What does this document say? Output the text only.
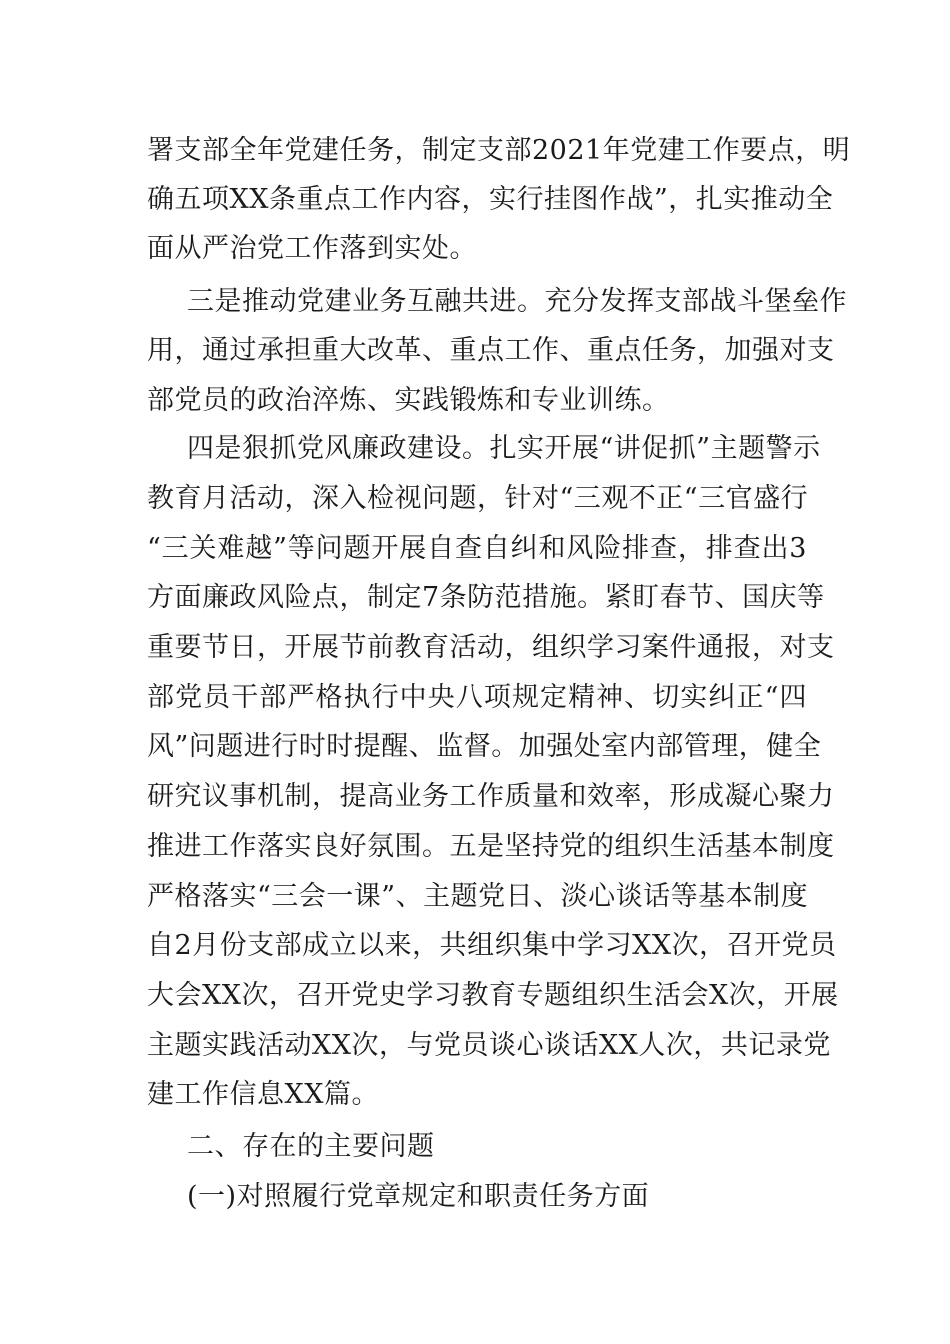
署支部全年党建任务，制定支部2021年党建工作要点，明
确五项XX条重点工作内容，实行挂图作战”，扎实推动全
面从严治党工作落到实处。
三是推动党建业务互融共进。充分发挥支部战斗堡垒作
用，通过承担重大改革、重点工作、重点任务，加强对支
部党员的政治淬炼、实践锻炼和专业训练。
四是狠抓党风廉政建设。扎实开展“讲促抓”主题警示
教育月活动，深入检视问题，针对“三观不正“三官盛行
“三关难越”等问题开展自查自纠和风险排查，排查出3
方面廉政风险点，制定7条防范措施。紧盯春节、国庆等
重要节日，开展节前教育活动，组织学习案件通报，对支
部党员干部严格执行中央八项规定精神、切实纠正“四
风”问题进行时时提醒、监督。加强处室内部管理，健全
研究议事机制，提高业务工作质量和效率，形成凝心聚力
推进工作落实良好氛围。五是坚持党的组织生活基本制度
严格落实“三会一课”、主题党日、淡心谈话等基本制度
自2月份支部成立以来，共组织集中学习XX次，召开党员
大会XX次，召开党史学习教育专题组织生活会X次，开展
主题实践活动XX次，与党员谈心谈话XX人次，共记录党
建工作信息XX篇。
二、存在的主要问题
(一)对照履行党章规定和职责任务方面
